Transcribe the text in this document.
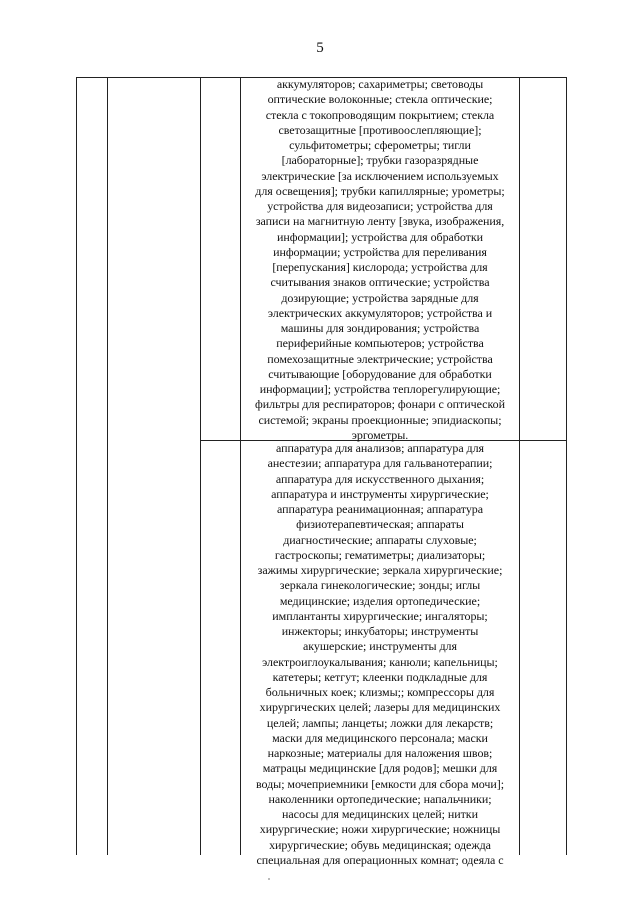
5
аккумуляторов; сахариметры; световоды
оптические волоконные; стекла оптические;
стекла с токопроводящим покрытием; стекла
светозащитные [противоослепляющие];
сульфитометры; сферометры; тигли
[лабораторные]; трубки газоразрядные
электрические [за исключением используемых
для освещения]; трубки капиллярные; урометры;
устройства для видеозаписи; устройства для
записи на магнитную ленту [звука, изображения,
информации]; устройства для обработки
информации; устройства для переливания
[перепускания] кислорода; устройства для
считывания знаков оптические; устройства
дозирующие; устройства зарядные для
электрических аккумуляторов; устройства и
машины для зондирования; устройства
периферийные компьютеров; устройства
помехозащитные электрические; устройства
считывающие [оборудование для обработки
информации]; устройства теплорегулирующие;
фильтры для респираторов; фонари с оптической
системой; экраны проекционные; эпидиаскопы;
эргометры.
аппаратура для анализов; аппаратура для
анестезии; аппаратура для гальванотерапии;
аппаратура для искусственного дыхания;
аппаратура и инструменты хирургические;
аппаратура реанимационная; аппаратура
физиотерапевтическая; аппараты
диагностические; аппараты слуховые;
гастроскопы; гематиметры; диализаторы;
зажимы хирургические; зеркала хирургические;
зеркала гинекологические; зонды; иглы
медицинские; изделия ортопедические;
имплантанты хирургические; ингаляторы;
инжекторы; инкубаторы; инструменты
акушерские; инструменты для
электроиглоукалывания; канюли; капельницы;
катетеры; кетгут; клеенки подкладные для
больничных коек; клизмы;; компрессоры для
хирургических целей; лазеры для медицинских
целей; лампы; ланцеты; ложки для лекарств;
маски для медицинского персонала; маски
наркозные; материалы для наложения швов;
матрацы медицинские [для родов]; мешки для
воды; мочеприемники [емкости для сбора мочи];
наколенники ортопедические; напальчники;
насосы для медицинских целей; нитки
хирургические; ножи хирургические; ножницы
хирургические; обувь медицинская; одежда
специальная для операционных комнат; одеяла с
